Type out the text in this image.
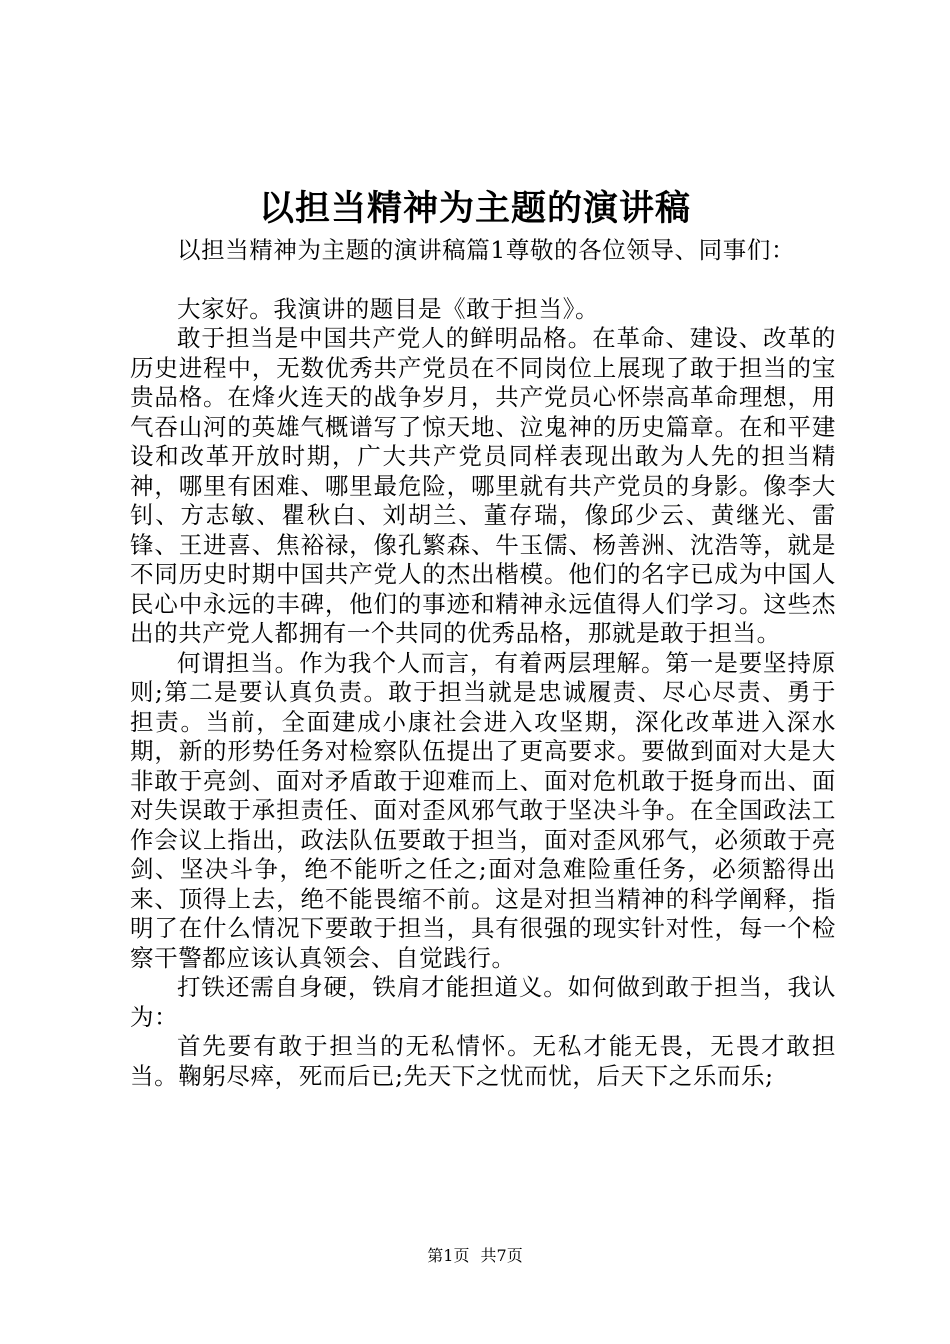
以担当精神为主题的演讲稿

以担当精神为主题的演讲稿篇1尊敬的各位领导、同事们：

大家好。我演讲的题目是《敢于担当》。

敢于担当是中国共产党人的鲜明品格。在革命、建设、改革的历史进程中，无数优秀共产党员在不同岗位上展现了敢于担当的宝贵品格。在烽火连天的战争岁月，共产党员心怀崇高革命理想，用气吞山河的英雄气概谱写了惊天地、泣鬼神的历史篇章。在和平建设和改革开放时期，广大共产党员同样表现出敢为人先的担当精神，哪里有困难、哪里最危险，哪里就有共产党员的身影。像李大钊、方志敏、瞿秋白、刘胡兰、董存瑞，像邱少云、黄继光、雷锋、王进喜、焦裕禄，像孔繁森、牛玉儒、杨善洲、沈浩等，就是不同历史时期中国共产党人的杰出楷模。他们的名字已成为中国人民心中永远的丰碑，他们的事迹和精神永远值得人们学习。这些杰出的共产党人都拥有一个共同的优秀品格，那就是敢于担当。

何谓担当。作为我个人而言，有着两层理解。第一是要坚持原则;第二是要认真负责。敢于担当就是忠诚履责、尽心尽责、勇于担责。当前，全面建成小康社会进入攻坚期，深化改革进入深水期，新的形势任务对检察队伍提出了更高要求。要做到面对大是大非敢于亮剑、面对矛盾敢于迎难而上、面对危机敢于挺身而出、面对失误敢于承担责任、面对歪风邪气敢于坚决斗争。在全国政法工作会议上指出，政法队伍要敢于担当，面对歪风邪气，必须敢于亮剑、坚决斗争，绝不能听之任之;面对急难险重任务，必须豁得出来、顶得上去，绝不能畏缩不前。这是对担当精神的科学阐释，指明了在什么情况下要敢于担当，具有很强的现实针对性，每一个检察干警都应该认真领会、自觉践行。

打铁还需自身硬，铁肩才能担道义。如何做到敢于担当，我认为：

首先要有敢于担当的无私情怀。无私才能无畏，无畏才敢担当。鞠躬尽瘁，死而后已;先天下之忧而忧，后天下之乐而乐;

第1页 共7页
